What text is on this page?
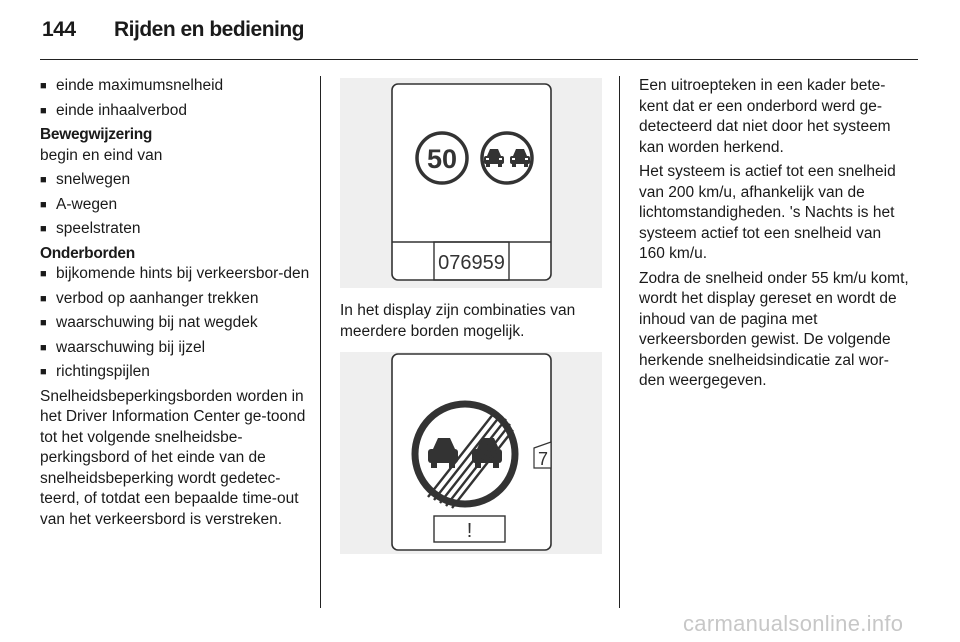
144	Rijden en bediening
■ einde maximumsnelheid
■ einde inhaalverbod
Bewegwijzering
begin en eind van
■ snelwegen
■ A-wegen
■ speelstraten
Onderborden
■ bijkomende hints bij verkeersbor-den
■ verbod op aanhanger trekken
■ waarschuwing bij nat wegdek
■ waarschuwing bij ijzel
■ richtingspijlen
Snelheidsbeperkingsborden worden in het Driver Information Center ge-toond tot het volgende snelheidsbe-perkingsbord of het einde van de snelheidsbeperking wordt gedetec-teerd, of totdat een bepaalde time-out van het verkeersbord is verstreken.
50
076959
In het display zijn combinaties van meerdere borden mogelijk.
7
!
Een uitroepteken in een kader bete-kent dat er een onderbord werd ge-detecteerd dat niet door het systeem kan worden herkend.
Het systeem is actief tot een snelheid van 200 km/u, afhankelijk van de lichtomstandigheden. 's Nachts is het systeem actief tot een snelheid van 160 km/u.
Zodra de snelheid onder 55 km/u komt, wordt het display gereset en wordt de inhoud van de pagina met verkeersborden gewist. De volgende herkende snelheidsindicatie zal wor-den weergegeven.
carmanualsonline.info
